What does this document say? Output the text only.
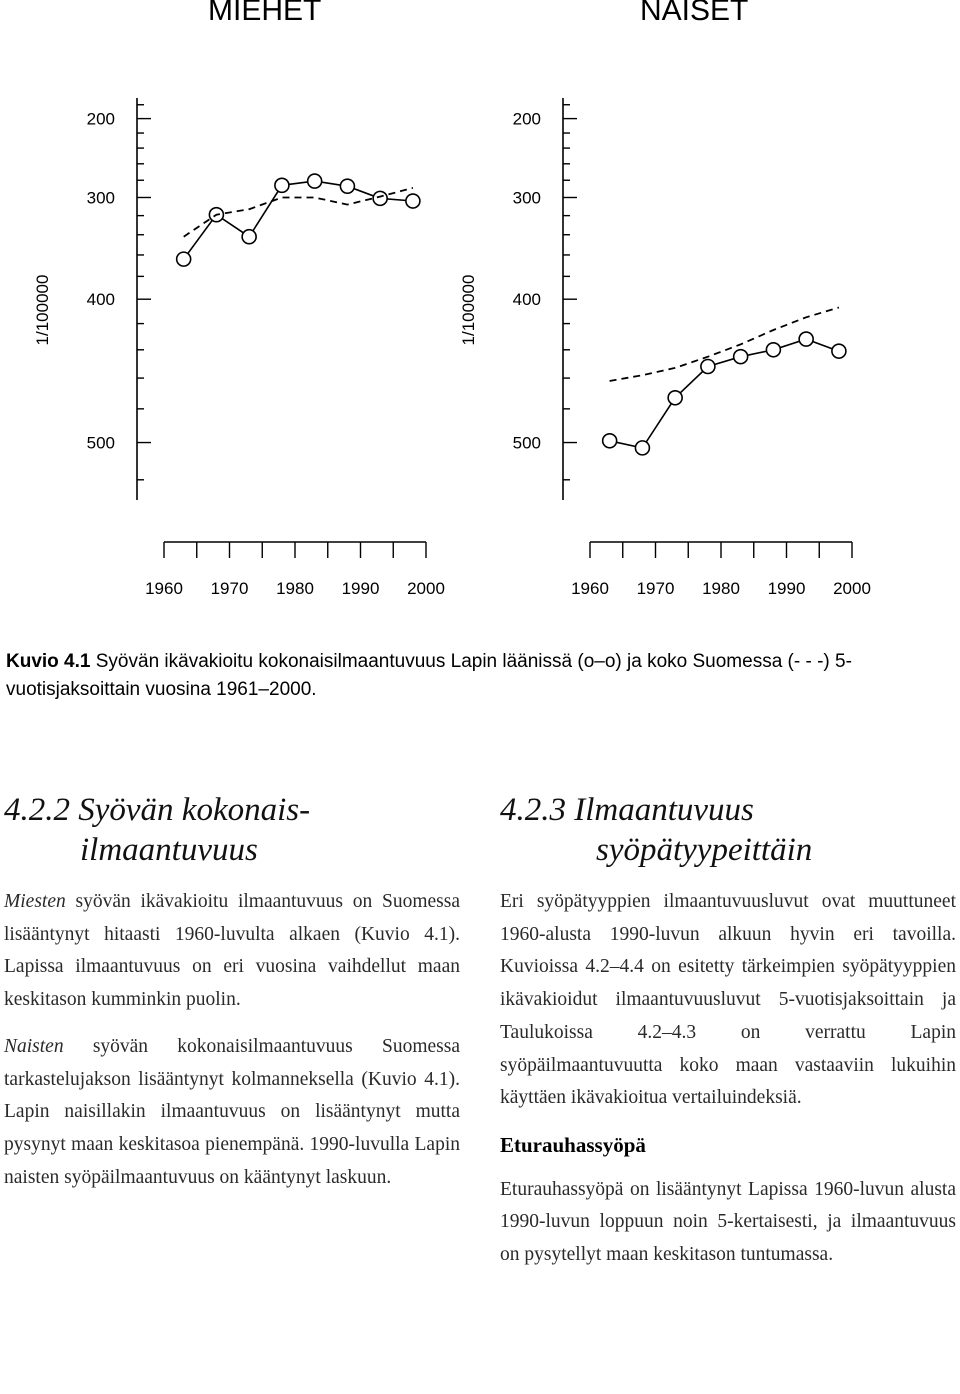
MIEHET	NAISET
500
400
300
200
1/100000
1960 1970 1980 1990 2000
500
400
300
200
1/100000
1960 1970 1980 1990 2000
Kuvio 4.1 Syövän ikävakioitu kokonaisilmaantuvuus Lapin läänissä (o–o) ja koko Suomessa (- - -) 5-vuotisjaksoittain vuosina 1961–2000.
4.2.2 Syövän kokonais-
ilmaantuvuus

Miesten syövän ikävakioitu ilmaantuvuus on Suomessa lisääntynyt hitaasti 1960-luvulta alkaen (Kuvio 4.1). Lapissa ilmaantuvuus on eri vuosina vaihdellut maan keskitason kumminkin puolin.

Naisten syövän kokonaisilmaantuvuus Suomessa tarkastelujakson lisääntynyt kolmanneksella (Kuvio 4.1). Lapin naisillakin ilmaantuvuus on lisääntynyt mutta pysynyt maan keskitasoa pienempänä. 1990-luvulla Lapin naisten syöpäilmaantuvuus on kääntynyt laskuun.

4.2.3 Ilmaantuvuus
syöpätyypeittäin

Eri syöpätyyppien ilmaantuvuusluvut ovat muuttuneet 1960-alusta 1990-luvun alkuun hyvin eri tavoilla. Kuvioissa 4.2–4.4 on esitetty tärkeimpien syöpätyyppien ikävakioidut ilmaantuvuusluvut 5-vuotisjaksoittain ja Taulukoissa 4.2–4.3 on verrattu Lapin syöpäilmaantuvuutta koko maan vastaaviin lukuihin käyttäen ikävakioitua vertailuindeksiä.

Eturauhassyöpä

Eturauhassyöpä on lisääntynyt Lapissa 1960-luvun alusta 1990-luvun loppuun noin 5-kertaisesti, ja ilmaantuvuus on pysytellyt maan keskitason tuntumassa.
